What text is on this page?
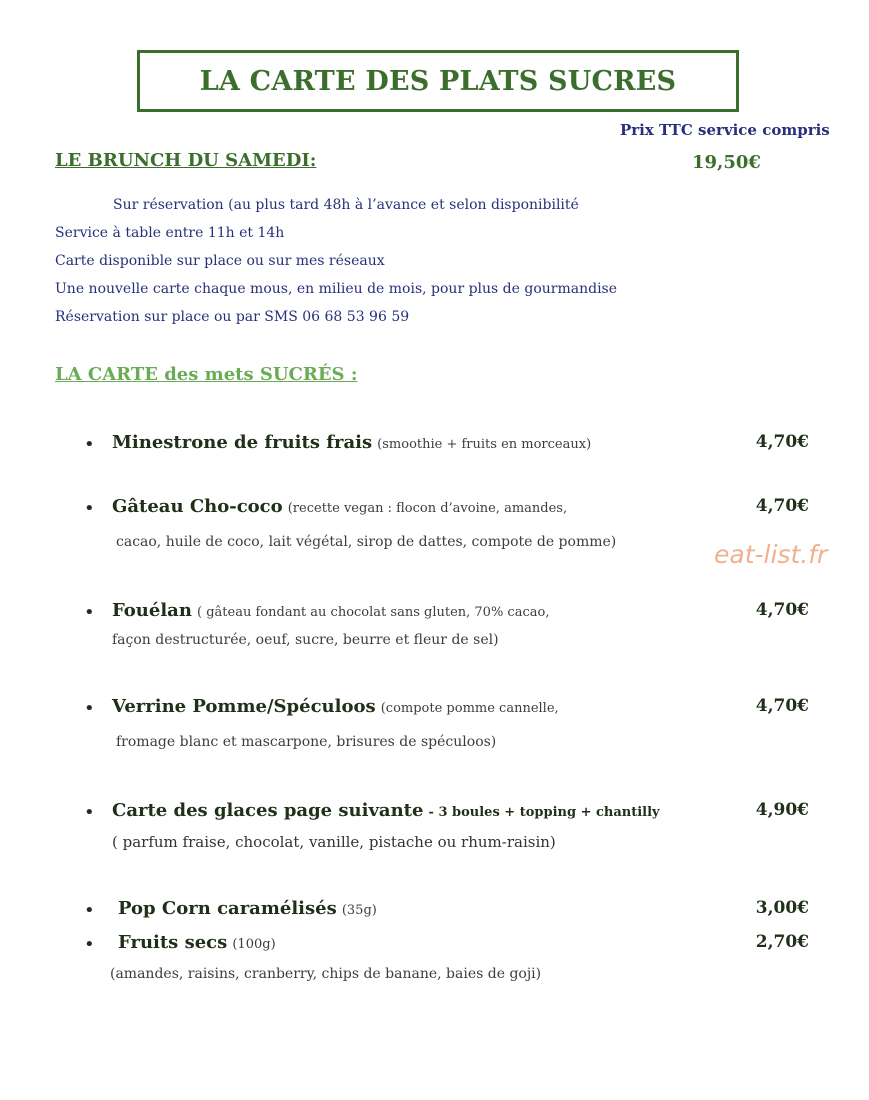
LA CARTE DES PLATS SUCRES
Prix TTC service compris
LE BRUNCH DU SAMEDI:	19,50€
Sur réservation (au plus tard 48h à l’avance et selon disponibilité
Service à table entre 11h et 14h
Carte disponible sur place ou sur mes réseaux
Une nouvelle carte chaque mous, en milieu de mois, pour plus de gourmandise
Réservation sur place ou par SMS 06 68 53 96 59
LA CARTE des mets SUCRÉS :
• Minestrone de fruits frais (smoothie + fruits en morceaux)	4,70€
• Gâteau Cho-coco (recette vegan : flocon d’avoine, amandes,	4,70€
cacao, huile de coco, lait végétal, sirop de dattes, compote de pomme)
• Fouélan ( gâteau fondant au chocolat sans gluten, 70% cacao,	4,70€
façon destructurée, oeuf, sucre, beurre et fleur de sel)
• Verrine Pomme/Spéculoos (compote pomme cannelle,	4,70€
fromage blanc et mascarpone, brisures de spéculoos)
• Carte des glaces page suivante - 3 boules + topping + chantilly	4,90€
( parfum fraise, chocolat, vanille, pistache ou rhum-raisin)
• Pop Corn caramélisés (35g)	3,00€
• Fruits secs (100g)	2,70€
(amandes, raisins, cranberry, chips de banane, baies de goji)
eat-list.fr
